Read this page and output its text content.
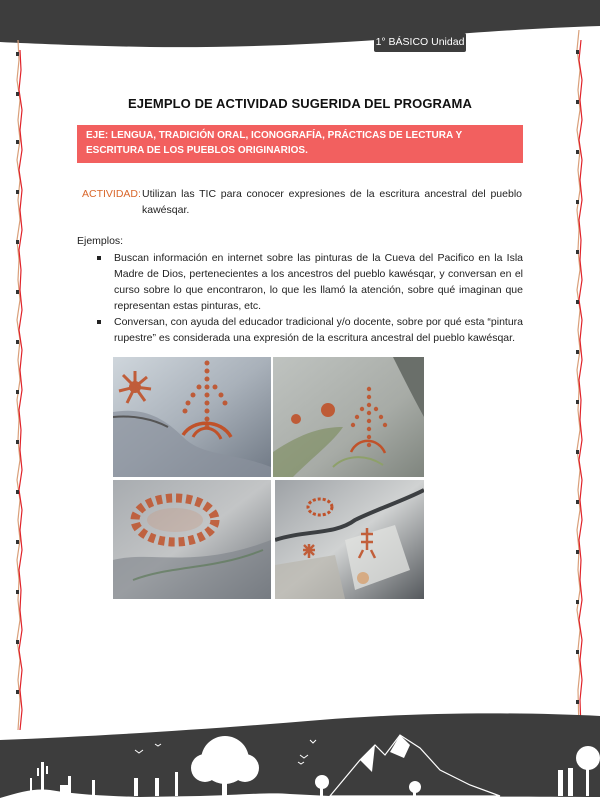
1° BÁSICO Unidad 2
EJEMPLO DE ACTIVIDAD SUGERIDA DEL PROGRAMA
EJE: LENGUA, TRADICIÓN ORAL, ICONOGRAFÍA, PRÁCTICAS DE LECTURA Y ESCRITURA DE LOS PUEBLOS ORIGINARIOS.
ACTIVIDAD: Utilizan las TIC para conocer expresiones de la escritura ancestral del pueblo kawésqar.
Ejemplos:
Buscan información en internet sobre las pinturas de la Cueva del Pacifico en la Isla Madre de Dios, pertenecientes a los ancestros del pueblo kawésqar, y conversan en el curso sobre lo que encontraron, lo que les llamó la atención, sobre qué imaginan que representan estas pinturas, etc.
Conversan, con ayuda del educador tradicional y/o docente, sobre por qué esta “pintura rupestre” es considerada una expresión de la escritura ancestral del pueblo kawésqar.
